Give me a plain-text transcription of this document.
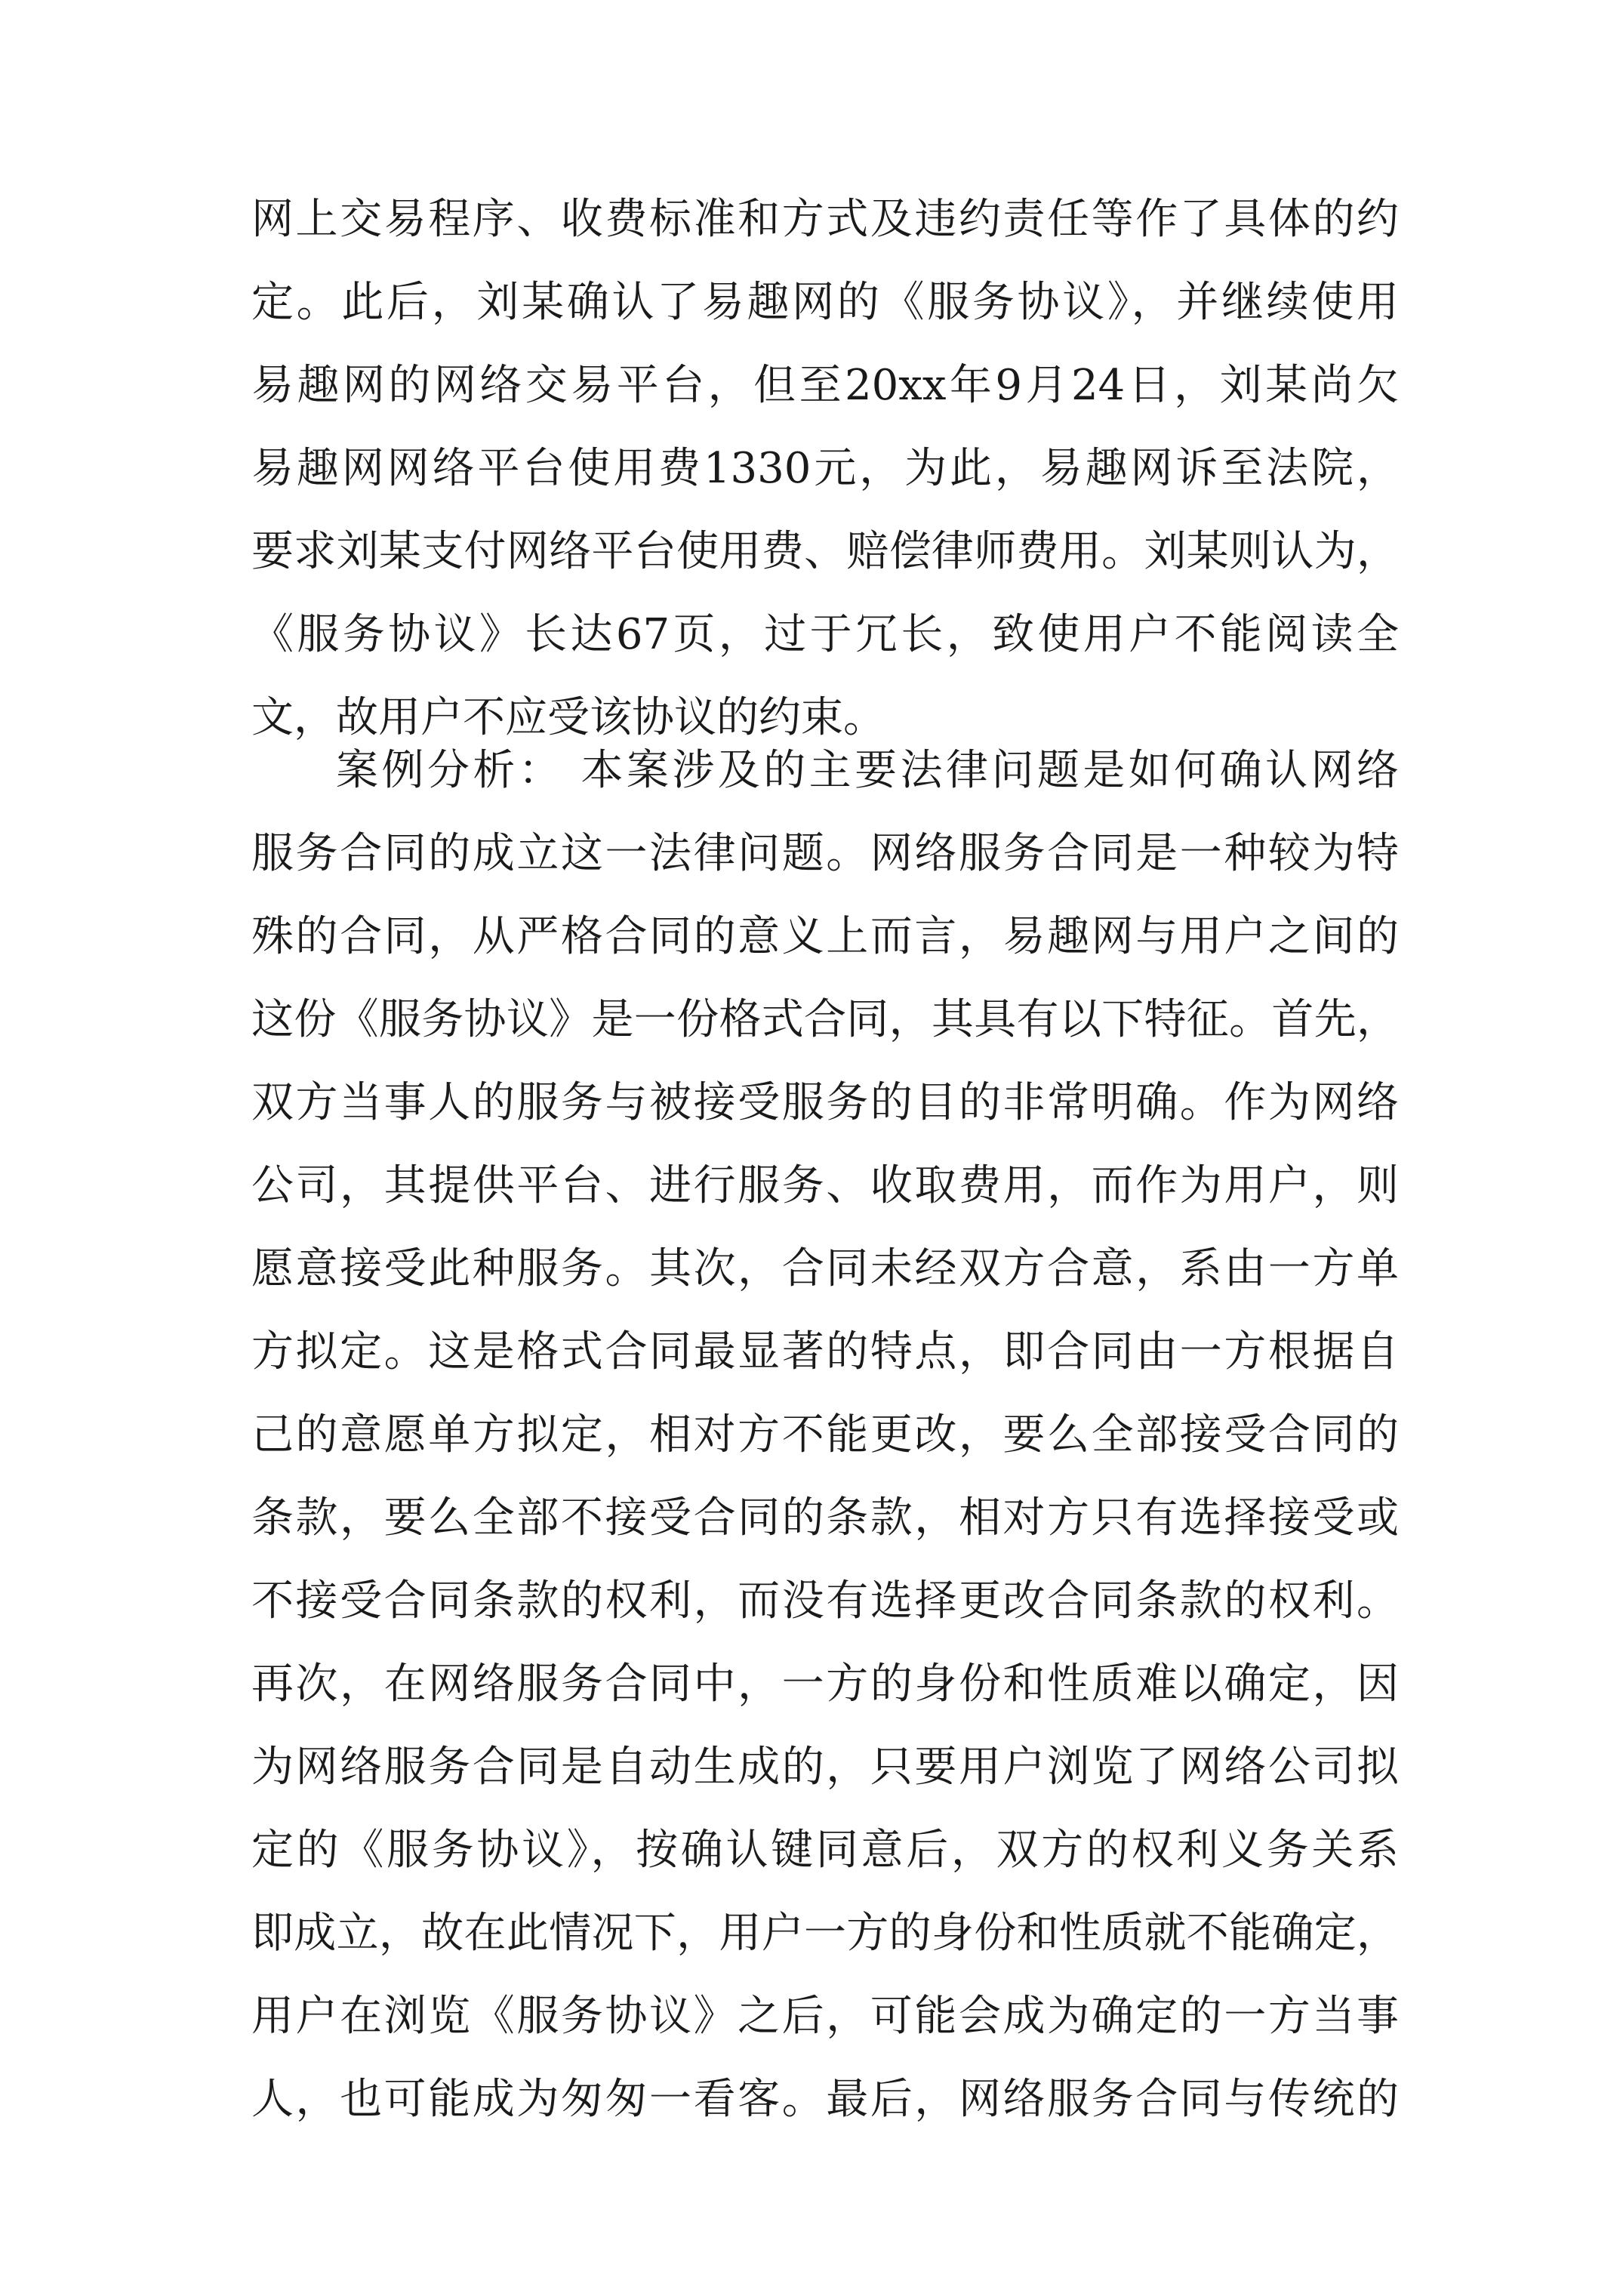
网上交易程序、收费标准和方式及违约责任等作了具体的约
定。此后，刘某确认了易趣网的《服务协议》，并继续使用
易趣网的网络交易平台，但至20xx年9月24日，刘某尚欠
易趣网网络平台使用费1330元，为此，易趣网诉至法院，
要求刘某支付网络平台使用费、赔偿律师费用。刘某则认为，
《服务协议》长达67页，过于冗长，致使用户不能阅读全
文，故用户不应受该协议的约束。
案例分析： 本案涉及的主要法律问题是如何确认网络
服务合同的成立这一法律问题。网络服务合同是一种较为特
殊的合同，从严格合同的意义上而言，易趣网与用户之间的
这份《服务协议》是一份格式合同，其具有以下特征。首先，
双方当事人的服务与被接受服务的目的非常明确。作为网络
公司，其提供平台、进行服务、收取费用，而作为用户，则
愿意接受此种服务。其次，合同未经双方合意，系由一方单
方拟定。这是格式合同最显著的特点，即合同由一方根据自
己的意愿单方拟定，相对方不能更改，要么全部接受合同的
条款，要么全部不接受合同的条款，相对方只有选择接受或
不接受合同条款的权利，而没有选择更改合同条款的权利。
再次，在网络服务合同中，一方的身份和性质难以确定，因
为网络服务合同是自动生成的，只要用户浏览了网络公司拟
定的《服务协议》，按确认键同意后，双方的权利义务关系
即成立，故在此情况下，用户一方的身份和性质就不能确定，
用户在浏览《服务协议》之后，可能会成为确定的一方当事
人，也可能成为匆匆一看客。最后，网络服务合同与传统的
